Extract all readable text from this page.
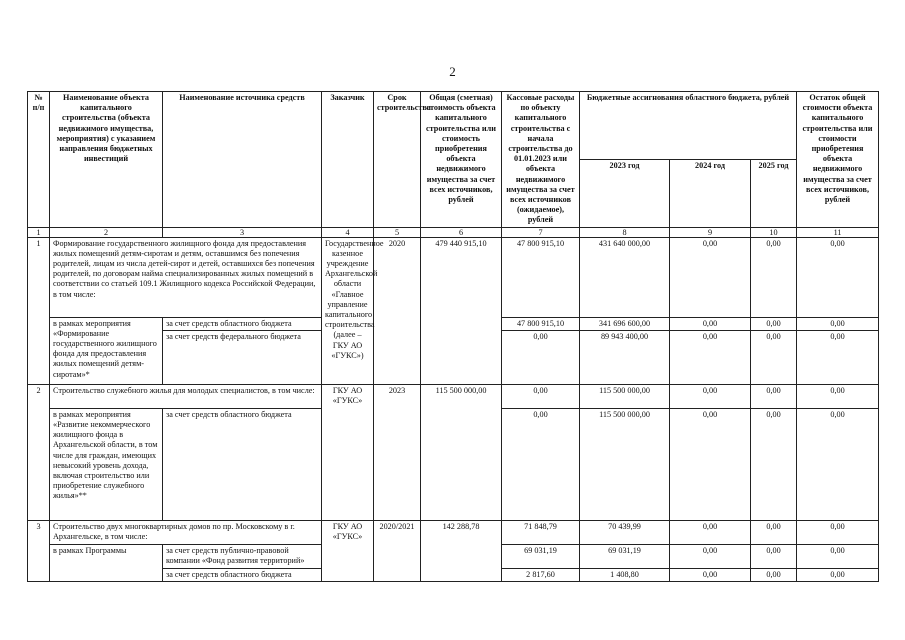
2
№ п/п	Наименование объекта капитального строительства (объекта недвижимого имущества, мероприятия) с указанием направления бюджетных инвестиций	Наименование источника средств	Заказчик	Срок строительства	Общая (сметная) стоимость объекта капитального строительства или стоимость приобретения объекта недвижимого имущества за счет всех источников, рублей	Кассовые расходы по объекту капитального строительства с начала строительства до 01.01.2023 или объекта недвижимого имущества за счет всех источников (ожидаемое), рублей	Бюджетные ассигнования областного бюджета, рублей			Остаток общей стоимости объекта капитального строительства или стоимости приобретения объекта недвижимого имущества за счет всех источников, рублей
							2023 год	2024 год	2025 год	
1	2	3	4	5	6	7	8	9	10	11
1	Формирование государственного жилищного фонда для предоставления жилых помещений детям-сиротам и детям, оставшимся без попечения родителей, лицам из числа детей-сирот и детей, оставшихся без попечения родителей, по договорам найма специализированных жилых помещений в соответствии со статьей 109.1 Жилищного кодекса Российской Федерации, в том числе:		Государственное казенное учреждение Архангельской области «Главное управление капитального строительства (далее – ГКУ АО «ГУКС»)	2020	479 440 915,10	47 800 915,10	431 640 000,00	0,00	0,00	0,00
	в рамках мероприятия «Формирование государственного жилищного фонда для предоставления жилых помещений детям-сиротам»*	за счет средств областного бюджета				47 800 915,10	341 696 600,00	0,00	0,00	0,00
		за счет средств федерального бюджета				0,00	89 943 400,00	0,00	0,00	0,00
2	Строительство служебного жилья для молодых специалистов, в том числе:		ГКУ АО «ГУКС»	2023	115 500 000,00	0,00	115 500 000,00	0,00	0,00	0,00
	в рамках мероприятия «Развитие некоммерческого жилищного фонда в Архангельской области, в том числе для граждан, имеющих невысокий уровень дохода, включая строительство или приобретение служебного жилья»**	за счет средств областного бюджета				0,00	115 500 000,00	0,00	0,00	0,00
3	Строительство двух многоквартирных домов по пр. Московскому в г. Архангельске, в том числе:		ГКУ АО «ГУКС»	2020/2021	142 288,78	71 848,79	70 439,99	0,00	0,00	0,00
	в рамках Программы	за счет средств публично-правовой компании «Фонд развития территорий»				69 031,19	69 031,19	0,00	0,00	0,00
		за счет средств областного бюджета				2 817,60	1 408,80	0,00	0,00	0,00
